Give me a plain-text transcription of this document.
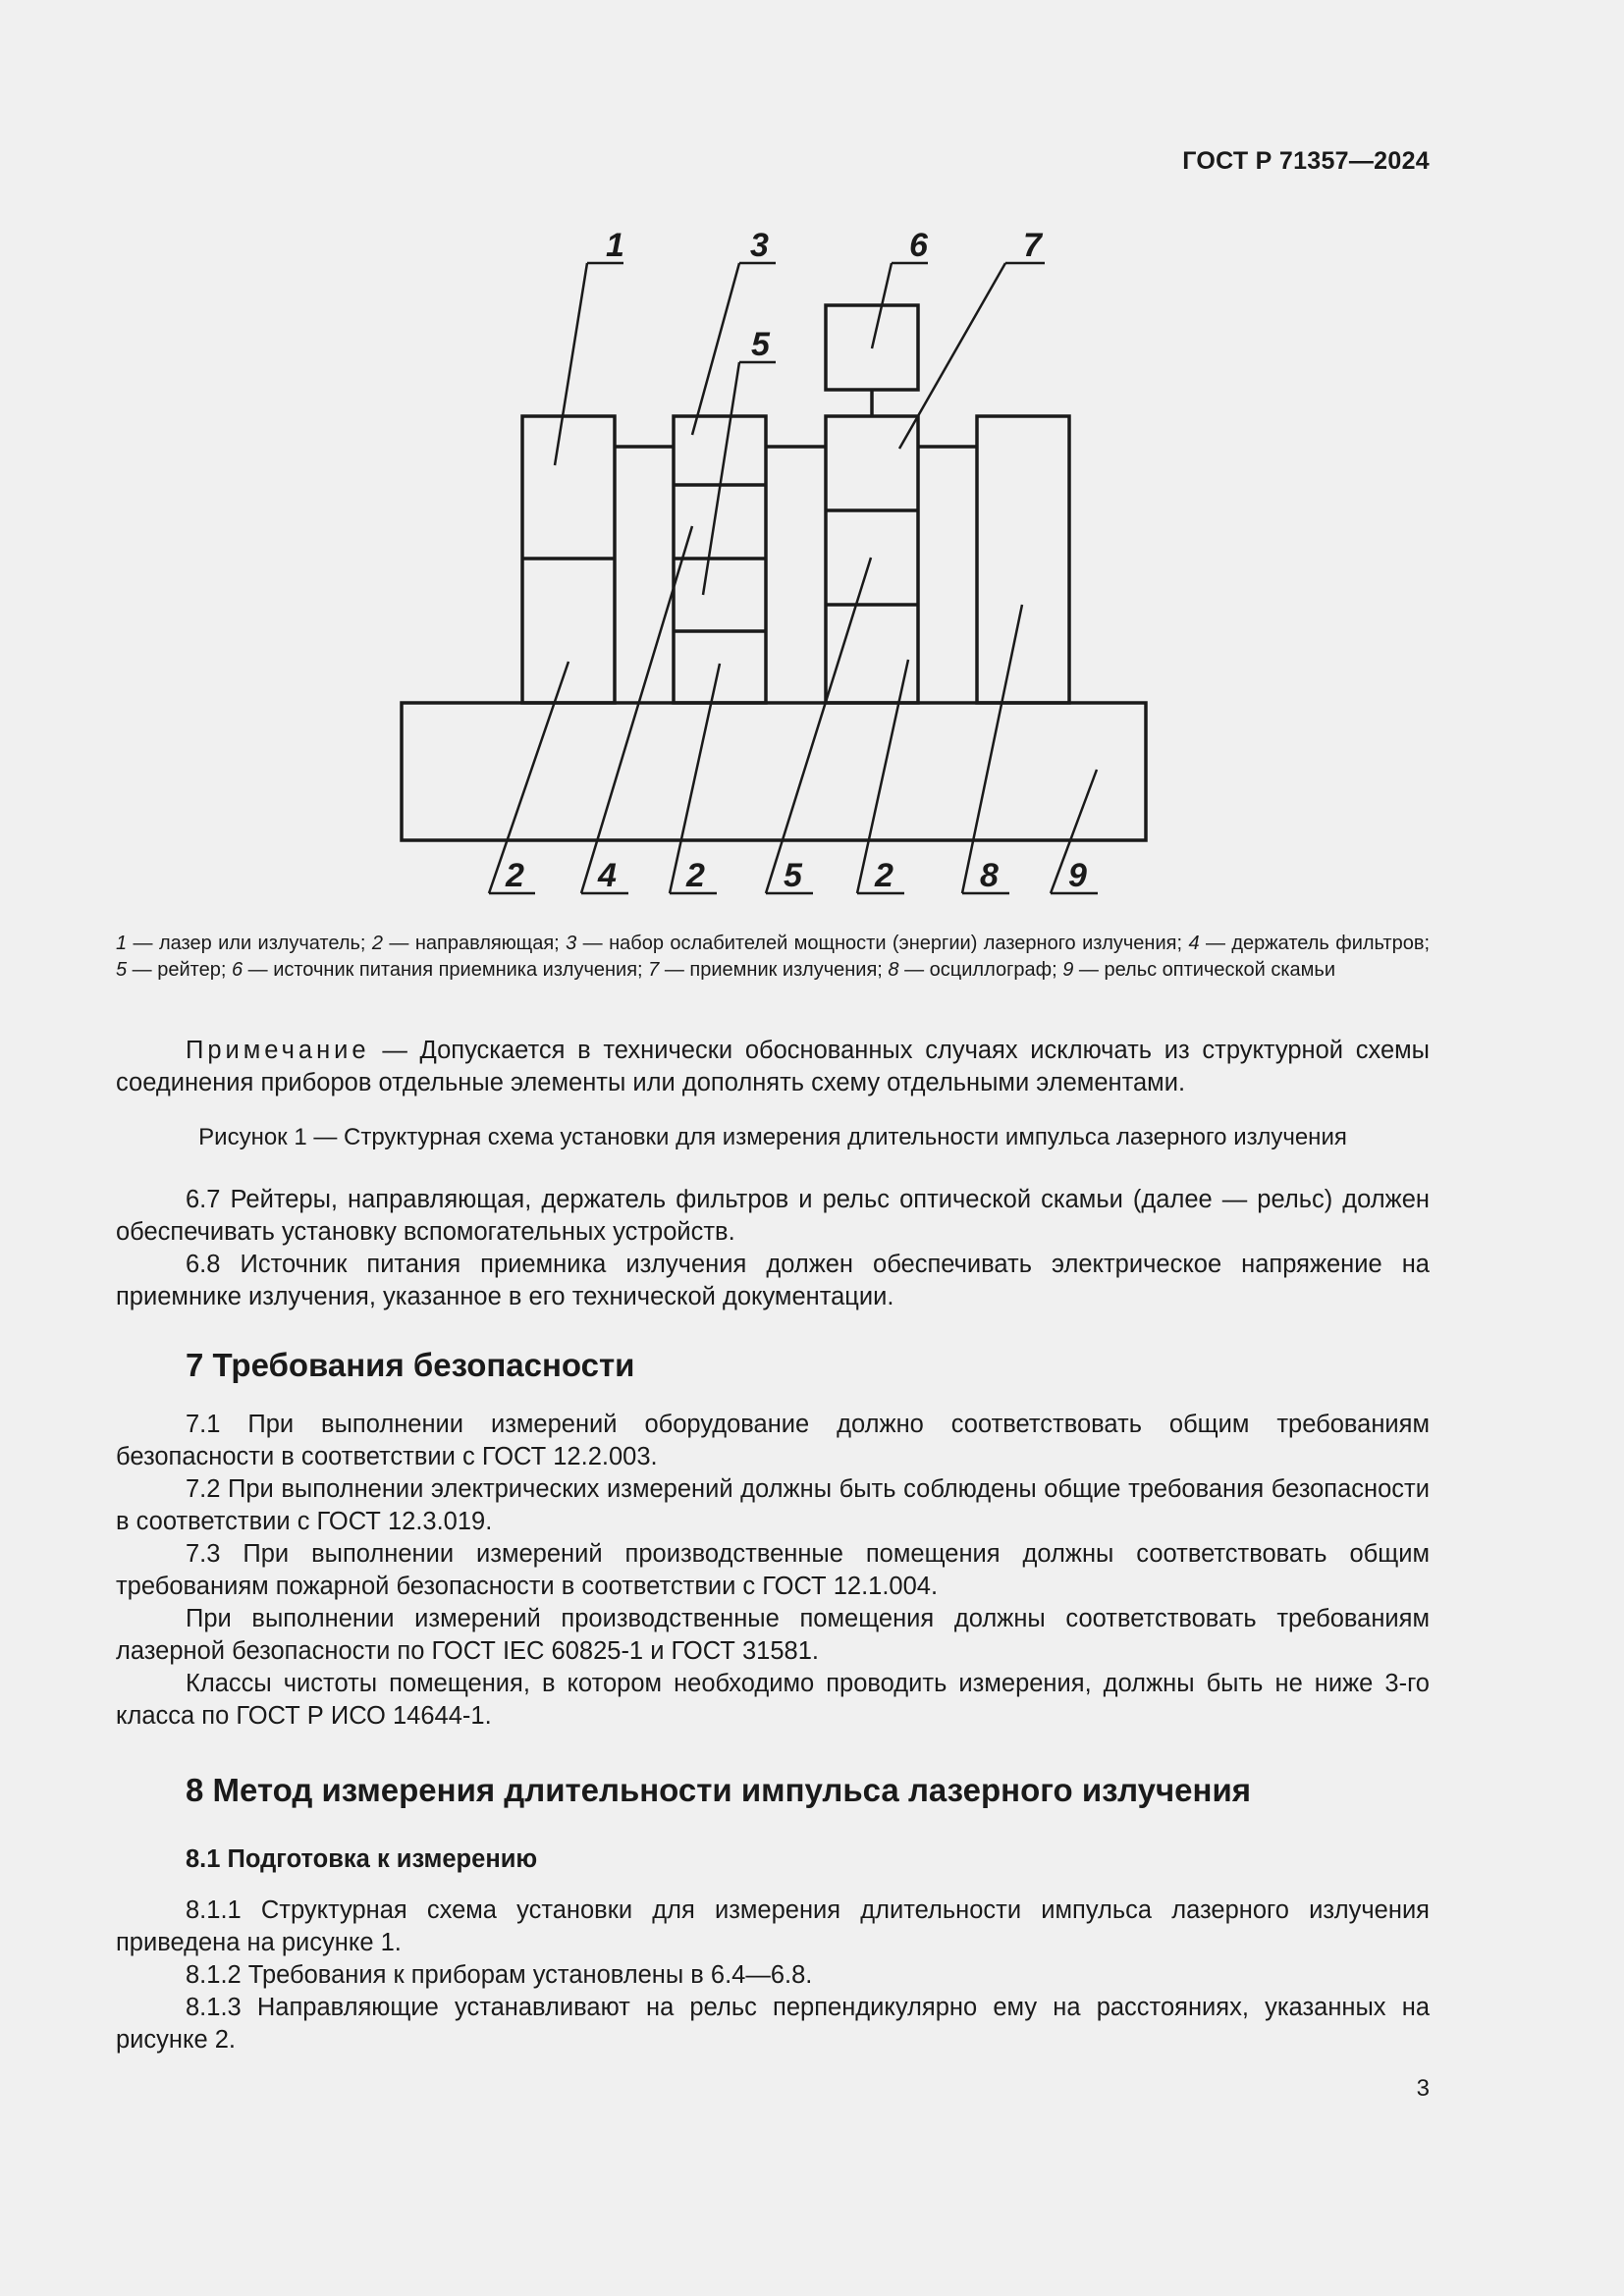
ГОСТ Р 71357—2024
1	3
5
6	7
2 4 2 5 2	8 9
1 — лазер или излучатель; 2 — направляющая; 3 — набор ослабителей мощности (энергии) лазерного излучения; 4 — держатель фильтров; 5 — рейтер; 6 — источник питания приемника излучения; 7 — приемник излучения; 8 — осциллограф; 9 — рельс оптической скамьи

Примечание — Допускается в технически обоснованных случаях исключать из структурной схемы соединения приборов отдельные элементы или дополнять схему отдельными элементами.

Рисунок 1 — Структурная схема установки для измерения длительности импульса лазерного излучения

6.7 Рейтеры, направляющая, держатель фильтров и рельс оптической скамьи (далее — рельс) должен обеспечивать установку вспомогательных устройств.

6.8 Источник питания приемника излучения должен обеспечивать электрическое напряжение на приемнике излучения, указанное в его технической документации.

7 Требования безопасности

7.1 При выполнении измерений оборудование должно соответствовать общим требованиям безопасности в соответствии с ГОСТ 12.2.003.

7.2 При выполнении электрических измерений должны быть соблюдены общие требования безопасности в соответствии с ГОСТ 12.3.019.

7.3 При выполнении измерений производственные помещения должны соответствовать общим требованиям пожарной безопасности в соответствии с ГОСТ 12.1.004.

При выполнении измерений производственные помещения должны соответствовать требованиям лазерной безопасности по ГОСТ IEC 60825-1 и ГОСТ 31581.

Классы чистоты помещения, в котором необходимо проводить измерения, должны быть не ниже 3-го класса по ГОСТ Р ИСО 14644-1.

8 Метод измерения длительности импульса лазерного излучения
8.1 Подготовка к измерению

8.1.1 Структурная схема установки для измерения длительности импульса лазерного излучения приведена на рисунке 1.

8.1.2 Требования к приборам установлены в 6.4—6.8.

8.1.3 Направляющие устанавливают на рельс перпендикулярно ему на расстояниях, указанных на рисунке 2.

3
